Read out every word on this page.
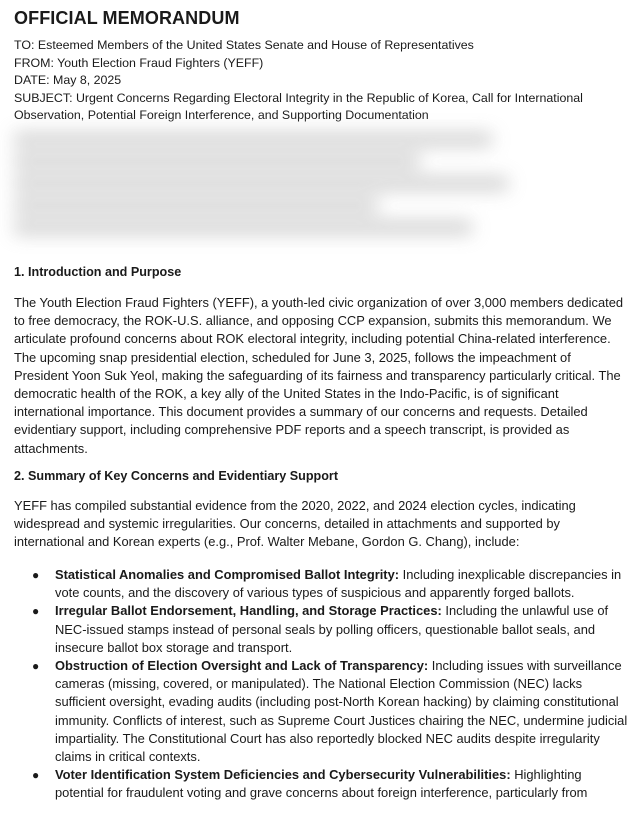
OFFICIAL MEMORANDUM
TO: Esteemed Members of the United States Senate and House of Representatives
FROM: Youth Election Fraud Fighters (YEFF)
DATE: May 8, 2025
SUBJECT: Urgent Concerns Regarding Electoral Integrity in the Republic of Korea, Call for International Observation, Potential Foreign Interference, and Supporting Documentation
1. Introduction and Purpose

The Youth Election Fraud Fighters (YEFF), a youth-led civic organization of over 3,000 members dedicated to free democracy, the ROK-U.S. alliance, and opposing CCP expansion, submits this memorandum. We articulate profound concerns about ROK electoral integrity, including potential China-related interference. The upcoming snap presidential election, scheduled for June 3, 2025, follows the impeachment of President Yoon Suk Yeol, making the safeguarding of its fairness and transparency particularly critical. The democratic health of the ROK, a key ally of the United States in the Indo-Pacific, is of significant international importance. This document provides a summary of our concerns and requests. Detailed evidentiary support, including comprehensive PDF reports and a speech transcript, is provided as attachments.

2. Summary of Key Concerns and Evidentiary Support

YEFF has compiled substantial evidence from the 2020, 2022, and 2024 election cycles, indicating widespread and systemic irregularities. Our concerns, detailed in attachments and supported by international and Korean experts (e.g., Prof. Walter Mebane, Gordon G. Chang), include:

● Statistical Anomalies and Compromised Ballot Integrity: Including inexplicable discrepancies in vote counts, and the discovery of various types of suspicious and apparently forged ballots.
● Irregular Ballot Endorsement, Handling, and Storage Practices: Including the unlawful use of NEC-issued stamps instead of personal seals by polling officers, questionable ballot seals, and insecure ballot box storage and transport.
● Obstruction of Election Oversight and Lack of Transparency: Including issues with surveillance cameras (missing, covered, or manipulated). The National Election Commission (NEC) lacks sufficient oversight, evading audits (including post-North Korean hacking) by claiming constitutional immunity. Conflicts of interest, such as Supreme Court Justices chairing the NEC, undermine judicial impartiality. The Constitutional Court has also reportedly blocked NEC audits despite irregularity claims in critical contexts.
● Voter Identification System Deficiencies and Cybersecurity Vulnerabilities: Highlighting potential for fraudulent voting and grave concerns about foreign interference, particularly from
